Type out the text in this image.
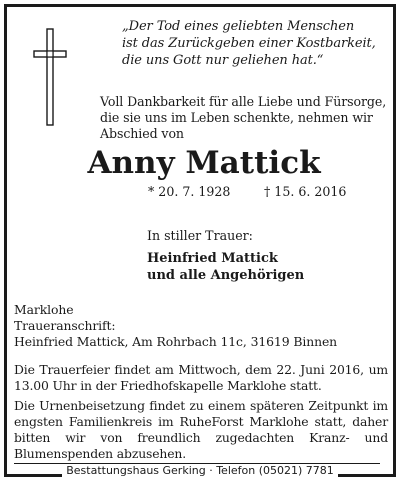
„Der Tod eines geliebten Menschen
ist das Zurückgeben einer Kostbarkeit,
die uns Gott nur geliehen hat.“
Voll Dankbarkeit für alle Liebe und Fürsorge,
die sie uns im Leben schenkte, nehmen wir
Abschied von
Anny Mattick
* 20. 7. 1928	† 15. 6. 2016
In stiller Trauer:
Heinfried Mattick
und alle Angehörigen
Marklohe
Traueranschrift:
Heinfried Mattick, Am Rohrbach 11c, 31619 Binnen
Die Trauerfeier findet am Mittwoch, dem 22. Juni 2016, um 13.00 Uhr in der Friedhofskapelle Marklohe statt.
Die Urnenbeisetzung findet zu einem späteren Zeitpunkt im engsten Familienkreis im RuheForst Marklohe statt, daher bitten wir von freundlich zugedachten Kranz- und Blumenspenden abzusehen.
Bestattungshaus Gerking · Telefon (05021) 7781
